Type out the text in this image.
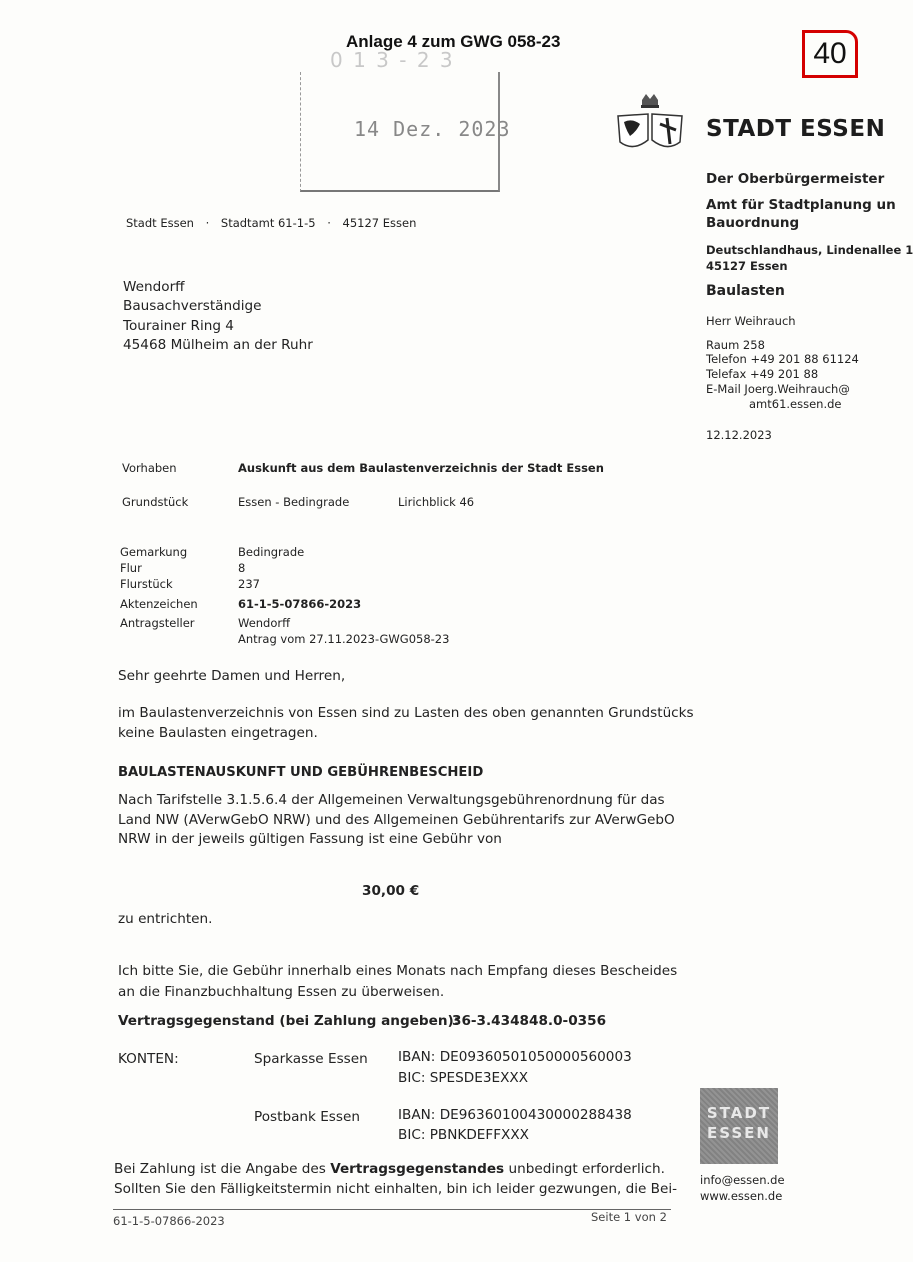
Anlage 4 zum GWG 058-23	40
0 1 3 - 2 3
14 Dez. 2023	STADT ESSEN
Der Oberbürgermeister
Amt für Stadtplanung un
Bauordnung
Deutschlandhaus, Lindenallee 1
45127 Essen
Baulasten
Herr Weihrauch
Raum 258
Telefon +49 201 88 61124
Telefax +49 201 88
E-Mail Joerg.Weihrauch@
amt61.essen.de
12.12.2023
Stadt Essen · Stadtamt 61-1-5 · 45127 Essen
Wendorff
Bausachverständige
Tourainer Ring 4
45468 Mülheim an der Ruhr
Vorhaben	Auskunft aus dem Baulastenverzeichnis der Stadt Essen
Grundstück	Essen - Bedingrade	Lirichblick 46
Gemarkung	Bedingrade
Flur	8
Flurstück	237
Aktenzeichen	61-1-5-07866-2023
Antragsteller	Wendorff
Antrag vom 27.11.2023-GWG058-23
Sehr geehrte Damen und Herren,
im Baulastenverzeichnis von Essen sind zu Lasten des oben genannten Grundstücks
keine Baulasten eingetragen.
BAULASTENAUSKUNFT UND GEBÜHRENBESCHEID
Nach Tarifstelle 3.1.5.6.4 der Allgemeinen Verwaltungsgebührenordnung für das
Land NW (AVerwGebO NRW) und des Allgemeinen Gebührentarifs zur AVerwGebO
NRW in der jeweils gültigen Fassung ist eine Gebühr von
30,00 €
zu entrichten.
Ich bitte Sie, die Gebühr innerhalb eines Monats nach Empfang dieses Bescheides
an die Finanzbuchhaltung Essen zu überweisen.
Vertragsgegenstand (bei Zahlung angeben):
36-3.434848.0-0356
KONTEN:	Sparkasse Essen IBAN: DE09360501050000560003
BIC: SPESDE3EXXX
Postbank Essen	IBAN: DE96360100430000288438
BIC: PBNKDEFFXXX
Bei Zahlung ist die Angabe des Vertragsgegenstandes unbedingt erforderlich.
Sollten Sie den Fälligkeitstermin nicht einhalten, bin ich leider gezwungen, die Bei-
STADT
ESSEN
info@essen.de
www.essen.de
61-1-5-07866-2023	Seite 1 von 2
